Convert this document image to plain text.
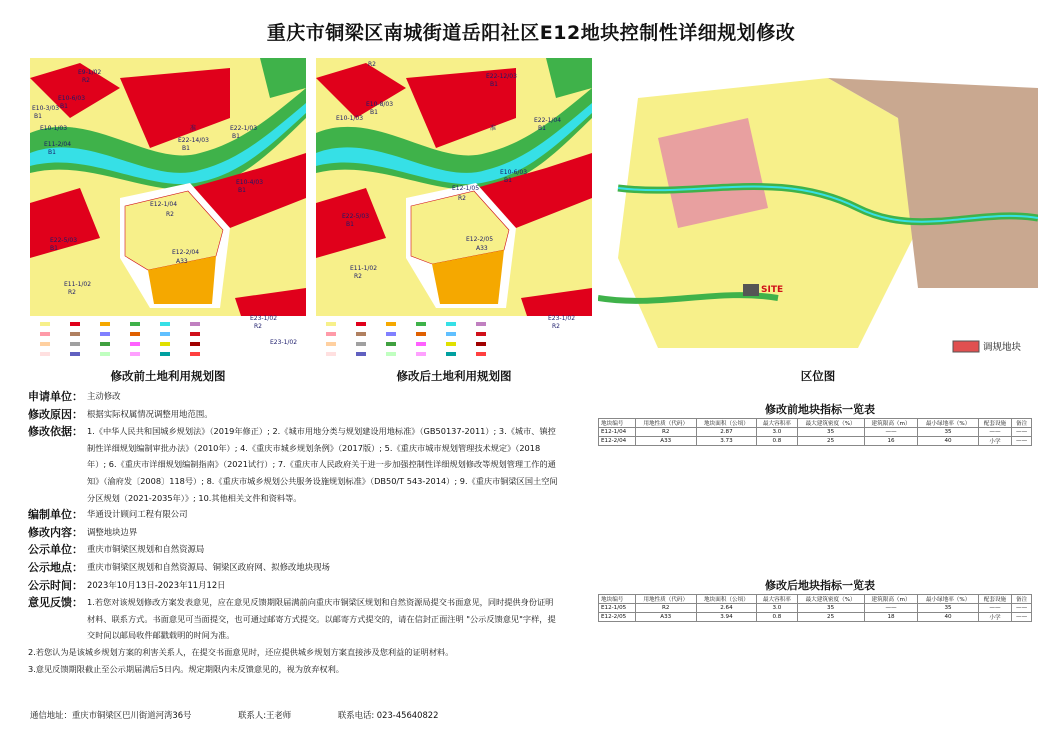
重庆市铜梁区南城街道岳阳社区E12地块控制性详细规划修改
E9-1/02
R2
E10-3/03
B1
E10-1/03
E10-6/03
B1
E11-2/04
B1
E22-1/03
B1
准
E22-14/03
B1
E10-4/03
B1
E12-1/04
R2
E12-2/04
A33
E11-1/02
R2
E22-5/03
B1
E23-1/02
R2
E23-1/02
修改前土地利用规划图
R2
E10-8/03
B1
E10-1/03	E22-1/04
B1
准
E22-12/03
B1
E10-6/03
B1
E12-1/05
R2
E12-2/05
A33
E11-1/02
R2
E22-5/03
B1
E23-1/02
R2
修改后土地利用规划图
SITE
调规地块
区位图
申请单位： 主动修改
修改原因： 根据实际权属情况调整用地范围。
修改依据： 1.《中华人民共和国城乡规划法》（2019年修正）; 2.《城市用地分类与规划建设用地标准》（GB50137-2011）; 3.《城市、镇控制性详细规划编制审批办法》（2010年）; 4.《重庆市城乡规划条例》（2017版）; 5.《重庆市城市规划管理技术规定》（2018年）; 6.《重庆市详细规划编制指南》（2021试行）; 7.《重庆市人民政府关于进一步加强控制性详细规划修改等规划管理工作的通知》（渝府发〔2008〕118号）; 8.《重庆市城乡规划公共服务设施规划标准》（DB50/T 543-2014）; 9.《重庆市铜梁区国土空间分区规划（2021-2035年）》; 10.其他相关文件和资料等。
编制单位： 华通设计顾问工程有限公司
修改内容： 调整地块边界
公示单位： 重庆市铜梁区规划和自然资源局
公示地点： 重庆市铜梁区规划和自然资源局、铜梁区政府网、拟修改地块现场
公示时间： 2023年10月13日-2023年11月12日
意见反馈： 1.若您对该规划修改方案发表意见，应在意见反馈期限届满前向重庆市铜梁区规划和自然资源局提交书面意见，同时提供身份证明材料、联系方式。书面意见可当面提交，也可通过邮寄方式提交。以邮寄方式提交的，请在信封正面注明 "公示反馈意见"字样，提交时间以邮局收件邮戳载明的时间为准。
2.若您认为是该城乡规划方案的利害关系人，在提交书面意见时，还应提供城乡规划方案直接涉及您利益的证明材料。
3.意见反馈期限截止至公示期届满后5日内。规定期限内未反馈意见的，视为放弃权利。
通信地址：重庆市铜梁区巴川街道河湾36号	联系人:王老师	联系电话: 023-45640822
修改前地块指标一览表
地块编号	用地性质（代码）	地块面积（公顷）	最大容积率	最大建筑密度（%）	建筑限高（m）	最小绿地率（%）	配套设施	备注
E12-1/04	R2	2.87	3.0	35	——	35	——	——
E12-2/04	A33	3.73	0.8	25	16	40	小学	——
修改后地块指标一览表
地块编号	用地性质（代码）	地块面积（公顷）	最大容积率	最大建筑密度（%）	建筑限高（m）	最小绿地率（%）	配套设施	备注
E12-1/05	R2	2.64	3.0	35	——	35	——	——
E12-2/05	A33	3.94	0.8	25	18	40	小学	——
